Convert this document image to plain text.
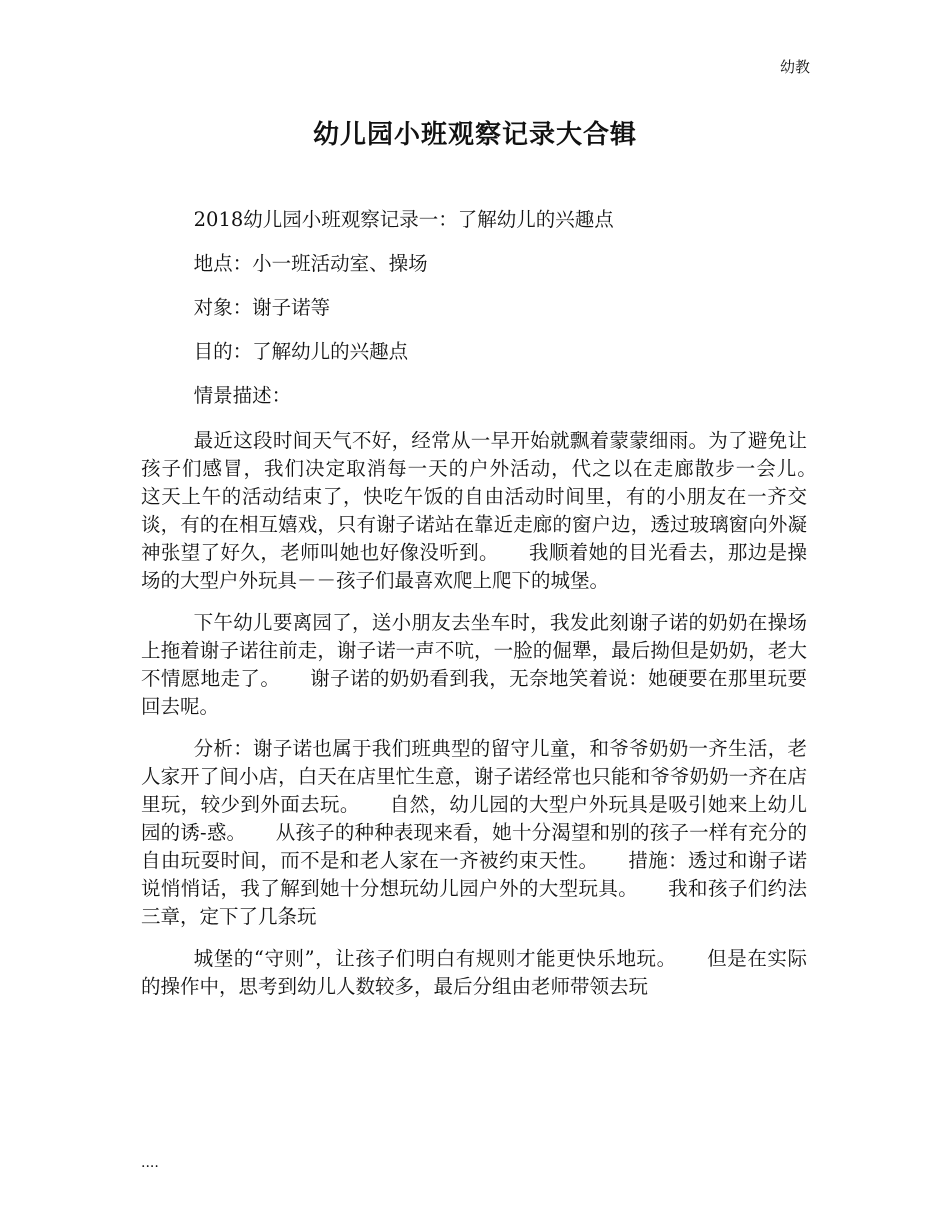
幼教
幼儿园小班观察记录大合辑

2018幼儿园小班观察记录一：了解幼儿的兴趣点

地点：小一班活动室、操场

对象：谢子诺等

目的：了解幼儿的兴趣点

情景描述：

最近这段时间天气不好，经常从一早开始就飘着蒙蒙细雨。为了避免让孩子们感冒，我们决定取消每一天的户外活动，代之以在走廊散步一会儿。　　这天上午的活动结束了，快吃午饭的自由活动时间里，有的小朋友在一齐交谈，有的在相互嬉戏，只有谢子诺站在靠近走廊的窗户边，透过玻璃窗向外凝神张望了好久，老师叫她也好像没听到。　　我顺着她的目光看去，那边是操场的大型户外玩具－－孩子们最喜欢爬上爬下的城堡。

下午幼儿要离园了，送小朋友去坐车时，我发此刻谢子诺的奶奶在操场上拖着谢子诺往前走，谢子诺一声不吭，一脸的倔犟，最后拗但是奶奶，老大不情愿地走了。　　谢子诺的奶奶看到我，无奈地笑着说：她硬要在那里玩要回去呢。

分析：谢子诺也属于我们班典型的留守儿童，和爷爷奶奶一齐生活，老人家开了间小店，白天在店里忙生意，谢子诺经常也只能和爷爷奶奶一齐在店里玩，较少到外面去玩。　　自然，幼儿园的大型户外玩具是吸引她来上幼儿园的诱-惑。　　从孩子的种种表现来看，她十分渴望和别的孩子一样有充分的自由玩耍时间，而不是和老人家在一齐被约束天性。　　措施：透过和谢子诺说悄悄话，我了解到她十分想玩幼儿园户外的大型玩具。　　我和孩子们约法三章，定下了几条玩

城堡的“守则”，让孩子们明白有规则才能更快乐地玩。　　但是在实际的操作中，思考到幼儿人数较多，最后分组由老师带领去玩

....
